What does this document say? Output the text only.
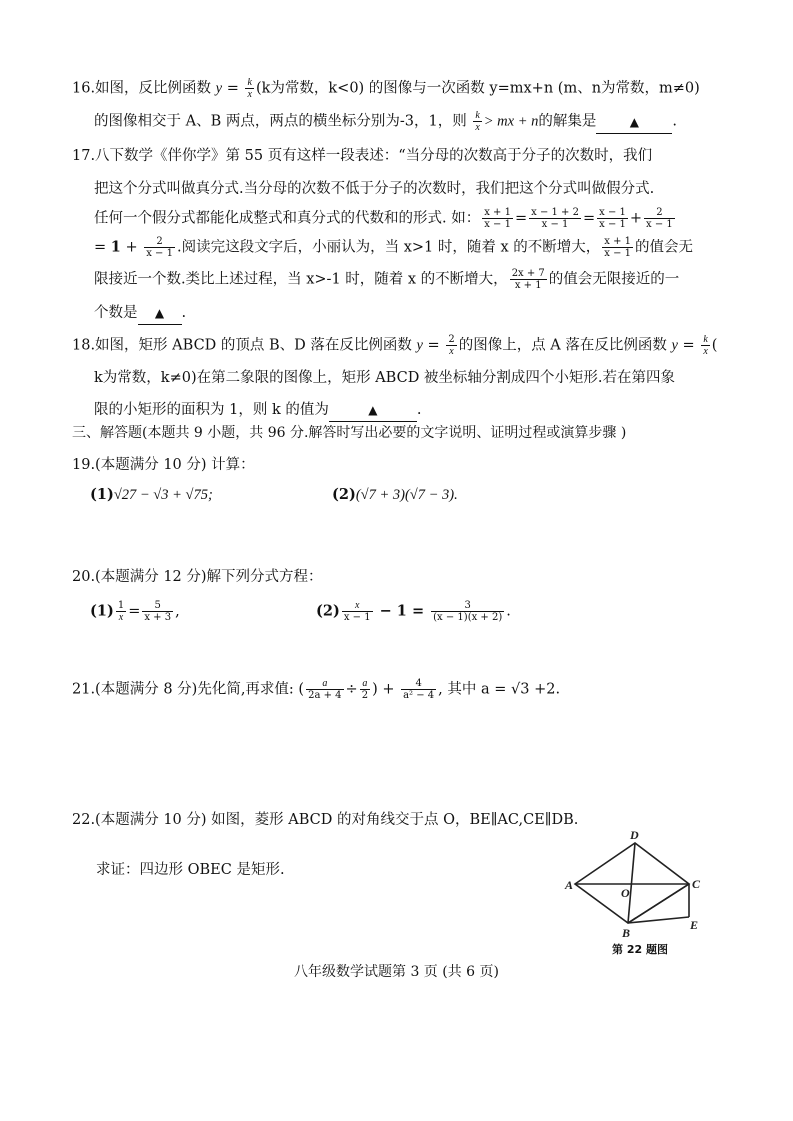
16.如图，反比例函数 $y = \frac{k}{x} (k$为常数，k<0) 的图像与一次函数 y=mx+n (m、n为常数，m≠0)
的图像相交于 A、B 两点，两点的横坐标分别为-3，1，则 $\frac{k}{x}$ > mx + n的解集是	▲ .
17.八下数学《伴你学》第 55 页有这样一段表述：“当分母的次数高于分子的次数时，我们
把这个分式叫做真分式.当分母的次数不低于分子的次数时，我们把这个分式叫做假分式.
任何一个假分式都能化成整式和真分式的代数和的形式. 如： $\frac{x + 1}{x - 1} = \frac{x - 1 + 2}{x - 1} = \frac{x - 1}{x - 1} + \frac{2}{x - 1}$
= $1 + \frac{2}{x - 1}$ .阅读完这段文字后，小丽认为，当 x>1 时，随着 x 的不断增大， $\frac{x + 1}{x - 1}$ 的值会无
限接近一个数.类比上述过程，当 x>-1 时，随着 x 的不断增大， $\frac{2x + 7}{x + 1}$ 的值会无限接近的一
个数是 ▲ .
18.如图，矩形 ABCD 的顶点 B、D 落在反比例函数 $y = \frac{2}{x}$ 的图像上，点 A 落在反比例函数 $y = \frac{k}{x}$ (
k为常数，k≠0)在第二象限的图像上，矩形 ABCD 被坐标轴分割成四个小矩形.若在第四象
限的小矩形的面积为 1，则 k 的值为	▲	.
三、解答题(本题共 9 小题，共 96 分.解答时写出必要的文字说明、证明过程或演算步骤 )
19.(本题满分 10 分) 计算：
(1)√27 − √3 + √75;	(2)(√7 + 3)(√7 − 3).
20.(本题满分 12 分)解下列分式方程：
$(1) \frac{1}{x} = \frac{5}{x + 3}$ ,	$(2) \frac{x}{x - 1} - 1 = \frac{3}{(x - 1)(x + 2)}$ .
21.(本题满分 8 分)先化简,再求值: ( $\frac{a}{2a + 4} \div \frac{a}{2}$ ) + $\frac{4}{\text{a² − 4}}$ , 其中 a = √3 +2.
22.(本题满分 10 分) 如图，菱形 ABCD 的对角线交于点 O，BE∥AC,CE∥DB.
求证：四边形 OBEC 是矩形.
A
D
C
B
E
O
第 22 题图
八年级数学试题第 3 页 (共 6 页)
